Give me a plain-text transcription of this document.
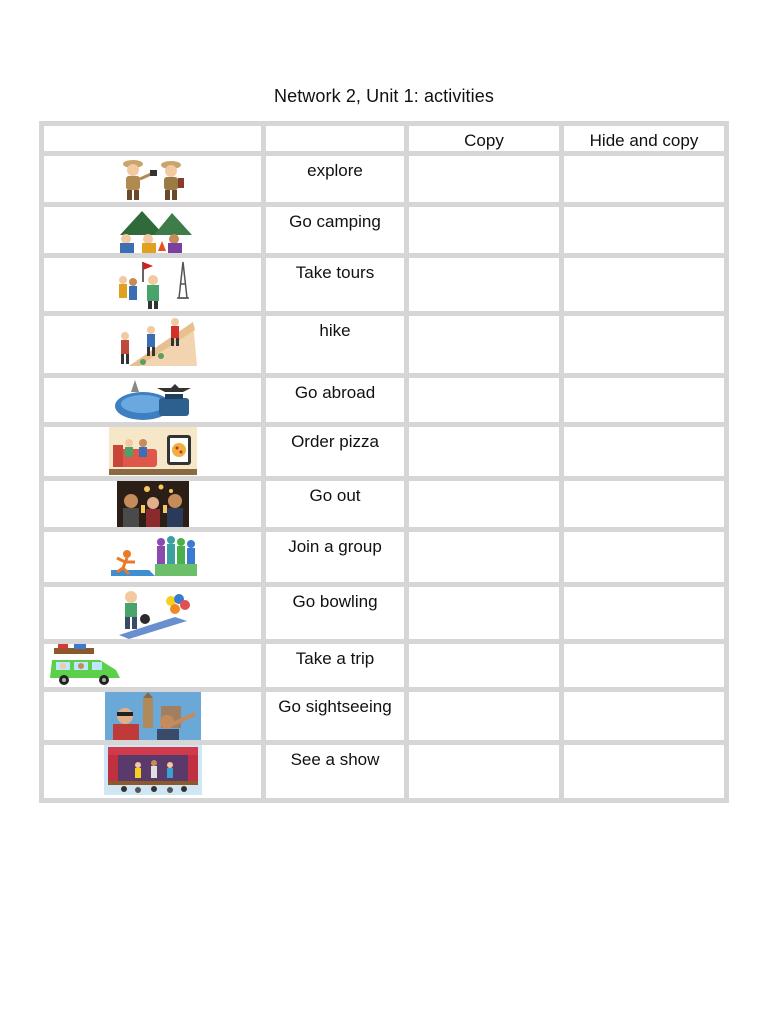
Network 2, Unit 1: activities
		Copy	Hide and copy

	explore		

	Go camping		

	Take tours		

	hike		

	Go abroad		

	Order pizza		

	Go out		

	Join a group		

	Go bowling		

	Take a trip		

	Go sightseeing		

	See a show		
